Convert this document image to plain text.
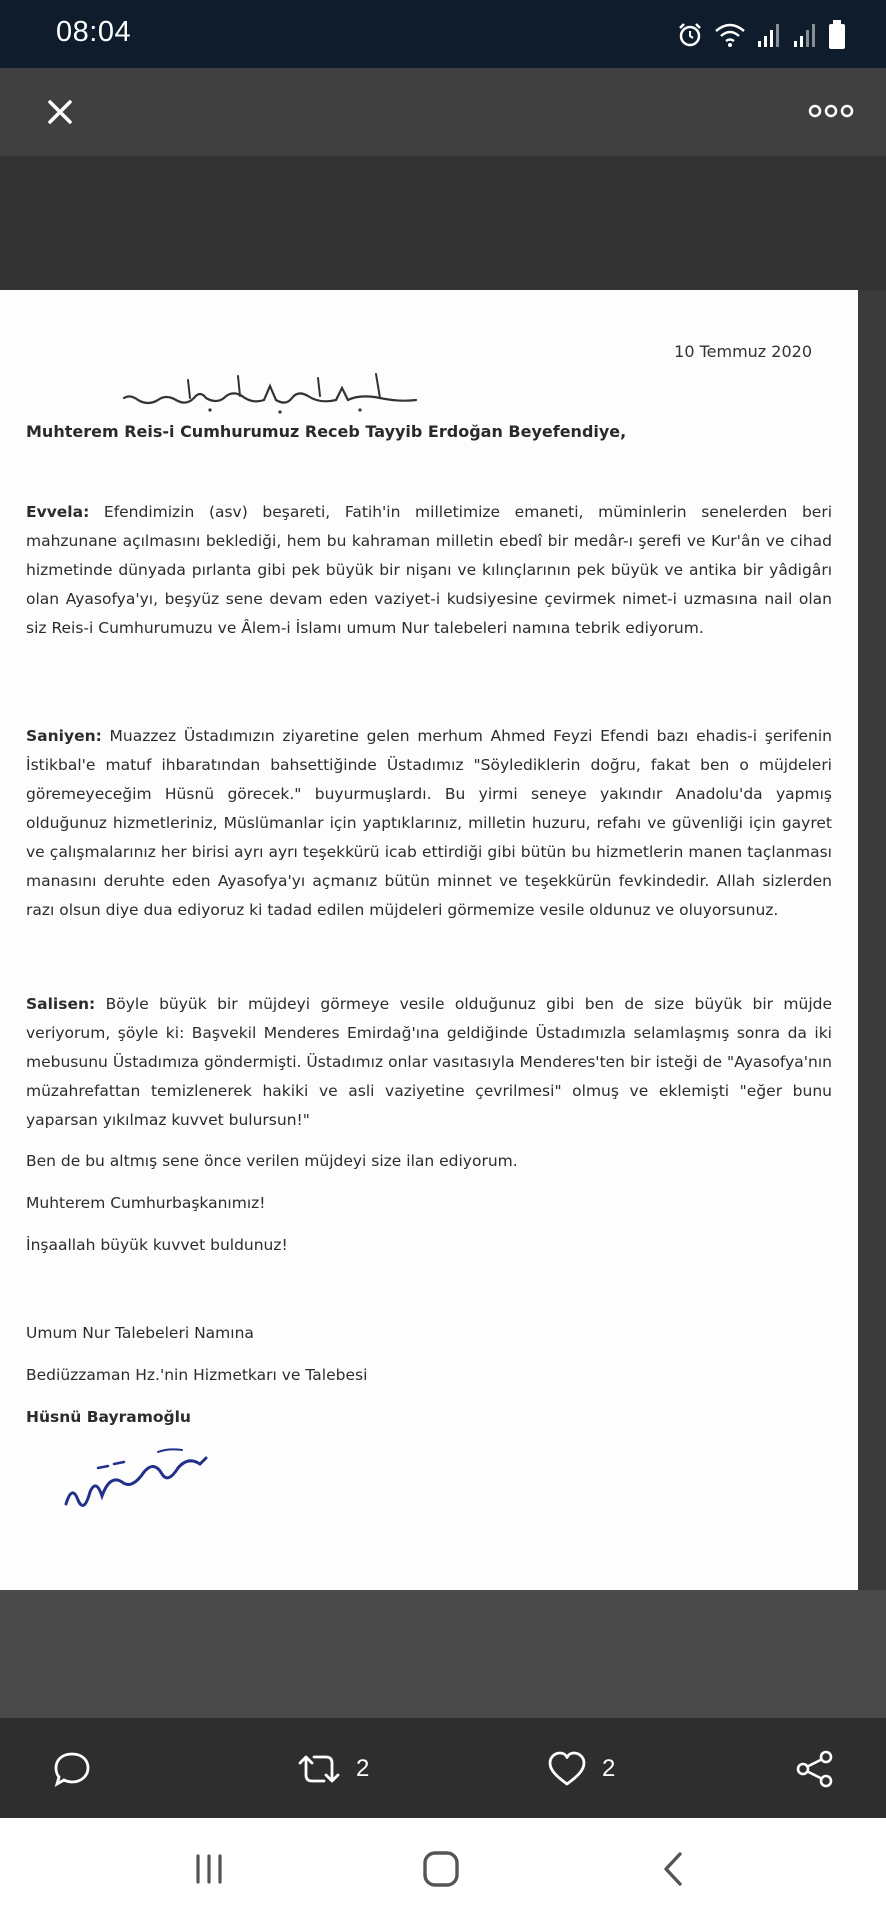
08:04
10 Temmuz 2020
Muhterem Reis-i Cumhurumuz Receb Tayyib Erdoğan Beyefendiye,

Evvela: Efendimizin (asv) beşareti, Fatih'in milletimize emaneti, müminlerin senelerden beri mahzunane açılmasını beklediği, hem bu kahraman milletin ebedî bir medâr-ı şerefi ve Kur'ân ve cihad hizmetinde dünyada pırlanta gibi pek büyük bir nişanı ve kılınçlarının pek büyük ve antika bir yâdigârı olan Ayasofya'yı, beşyüz sene devam eden vaziyet-i kudsiyesine çevirmek nimet-i uzmasına nail olan siz Reis-i Cumhurumuzu ve Âlem-i İslamı umum Nur talebeleri namına tebrik ediyorum.

Saniyen: Muazzez Üstadımızın ziyaretine gelen merhum Ahmed Feyzi Efendi bazı ehadis-i şerifenin İstikbal'e matuf ihbaratından bahsettiğinde Üstadımız "Söylediklerin doğru, fakat ben o müjdeleri göremeyeceğim Hüsnü görecek." buyurmuşlardı. Bu yirmi seneye yakındır Anadolu'da yapmış olduğunuz hizmetleriniz, Müslümanlar için yaptıklarınız, milletin huzuru, refahı ve güvenliği için gayret ve çalışmalarınız her birisi ayrı ayrı teşekkürü icab ettirdiği gibi bütün bu hizmetlerin manen taçlanması manasını deruhte eden Ayasofya'yı açmanız bütün minnet ve teşekkürün fevkindedir. Allah sizlerden razı olsun diye dua ediyoruz ki tadad edilen müjdeleri görmemize vesile oldunuz ve oluyorsunuz.

Salisen: Böyle büyük bir müjdeyi görmeye vesile olduğunuz gibi ben de size büyük bir müjde veriyorum, şöyle ki: Başvekil Menderes Emirdağ'ına geldiğinde Üstadımızla selamlaşmış sonra da iki mebusunu Üstadımıza göndermişti. Üstadımız onlar vasıtasıyla Menderes'ten bir isteği de "Ayasofya'nın müzahrefattan temizlenerek hakiki ve asli vaziyetine çevrilmesi" olmuş ve eklemişti "eğer bunu yaparsan yıkılmaz kuvvet bulursun!"

Ben de bu altmış sene önce verilen müjdeyi size ilan ediyorum.

Muhterem Cumhurbaşkanımız!

İnşaallah büyük kuvvet buldunuz!

Umum Nur Talebeleri Namına

Bediüzzaman Hz.'nin Hizmetkarı ve Talebesi

Hüsnü Bayramoğlu

2	2
